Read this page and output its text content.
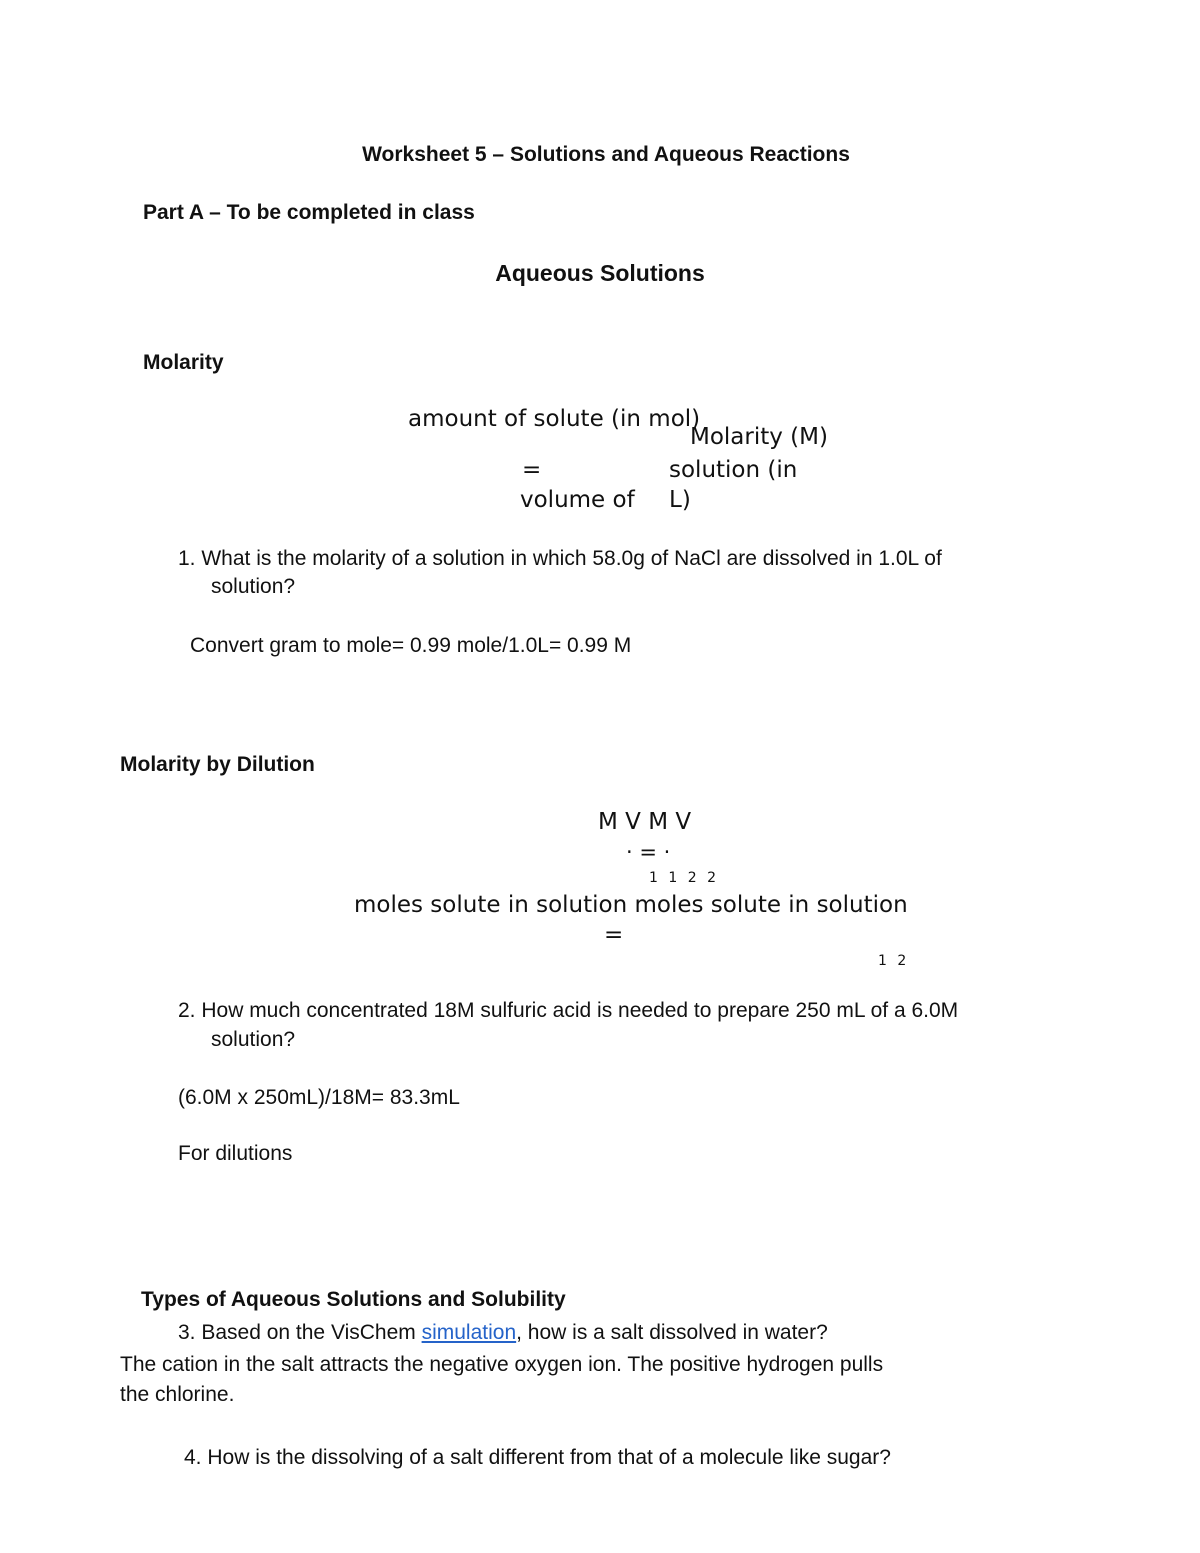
Worksheet 5 – Solutions and Aqueous Reactions
Part A – To be completed in class
Aqueous Solutions
Molarity
amount of solute (in mol)
Molarity (M)
=	solution (in
volume of L)
1. What is the molarity of a solution in which 58.0g of NaCl are dissolved in 1.0L of
solution?
Convert gram to mole= 0.99 mole/1.0L= 0.99 M
Molarity by Dilution
M V M V
· = ·
1 1 2 2
moles solute in solution moles solute in solution
=
1 2
2. How much concentrated 18M sulfuric acid is needed to prepare 250 mL of a 6.0M
solution?
(6.0M x 250mL)/18M= 83.3mL
For dilutions
Types of Aqueous Solutions and Solubility
3. Based on the VisChem simulation, how is a salt dissolved in water?
The cation in the salt attracts the negative oxygen ion. The positive hydrogen pulls
the chlorine.
4. How is the dissolving of a salt different from that of a molecule like sugar?
